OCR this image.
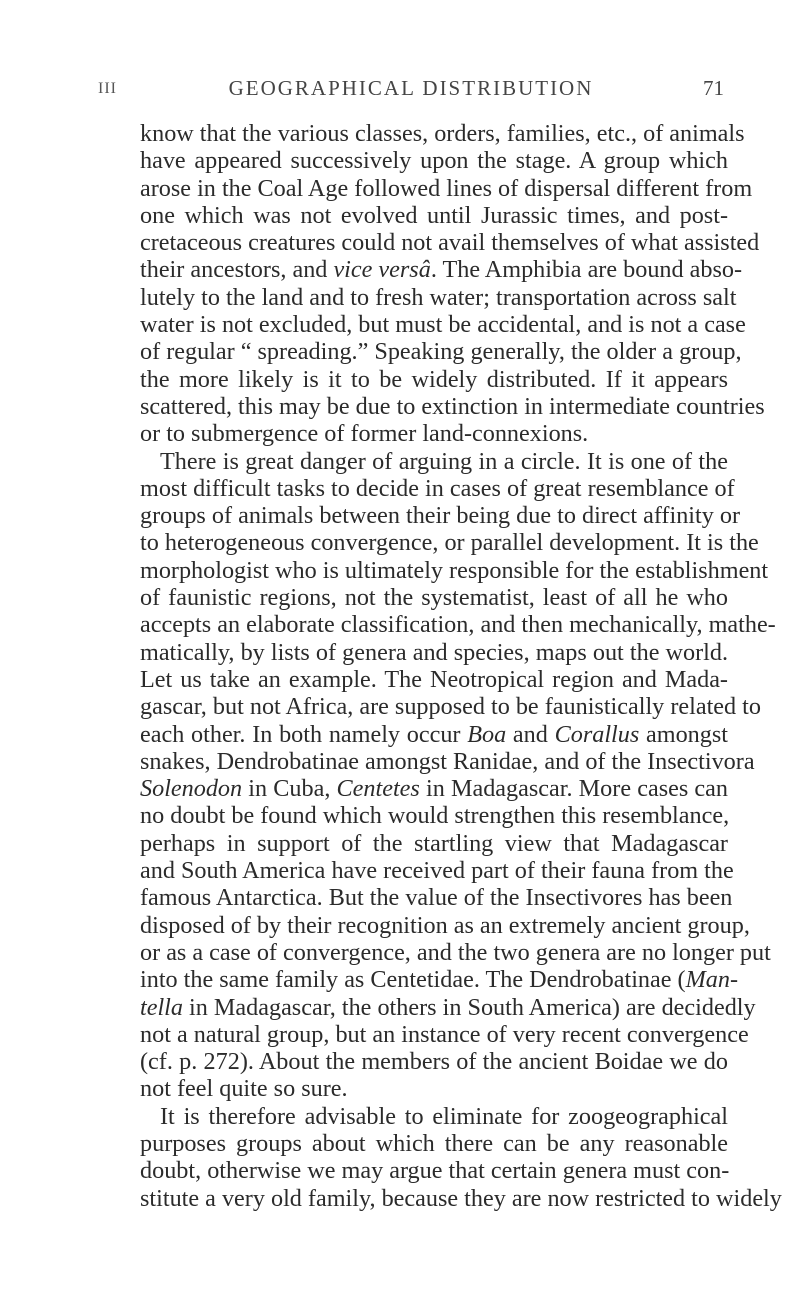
III	GEOGRAPHICAL DISTRIBUTION	71
know that the various classes, orders, families, etc., of animals
have appeared successively upon the stage. A group which
arose in the Coal Age followed lines of dispersal different from
one which was not evolved until Jurassic times, and post-
cretaceous creatures could not avail themselves of what assisted
their ancestors, and vice versâ. The Amphibia are bound abso-
lutely to the land and to fresh water; transportation across salt
water is not excluded, but must be accidental, and is not a case
of regular “ spreading.” Speaking generally, the older a group,
the more likely is it to be widely distributed. If it appears
scattered, this may be due to extinction in intermediate countries
or to submergence of former land-connexions.
There is great danger of arguing in a circle. It is one of the
most difficult tasks to decide in cases of great resemblance of
groups of animals between their being due to direct affinity or
to heterogeneous convergence, or parallel development. It is the
morphologist who is ultimately responsible for the establishment
of faunistic regions, not the systematist, least of all he who
accepts an elaborate classification, and then mechanically, mathe-
matically, by lists of genera and species, maps out the world.
Let us take an example. The Neotropical region and Mada-
gascar, but not Africa, are supposed to be faunistically related to
each other. In both namely occur Boa and Corallus amongst
snakes, Dendrobatinae amongst Ranidae, and of the Insectivora
Solenodon in Cuba, Centetes in Madagascar. More cases can
no doubt be found which would strengthen this resemblance,
perhaps in support of the startling view that Madagascar
and South America have received part of their fauna from the
famous Antarctica. But the value of the Insectivores has been
disposed of by their recognition as an extremely ancient group,
or as a case of convergence, and the two genera are no longer put
into the same family as Centetidae. The Dendrobatinae (Man-
tella in Madagascar, the others in South America) are decidedly
not a natural group, but an instance of very recent convergence
(cf. p. 272). About the members of the ancient Boidae we do
not feel quite so sure.
It is therefore advisable to eliminate for zoogeographical
purposes groups about which there can be any reasonable
doubt, otherwise we may argue that certain genera must con-
stitute a very old family, because they are now restricted to widely
